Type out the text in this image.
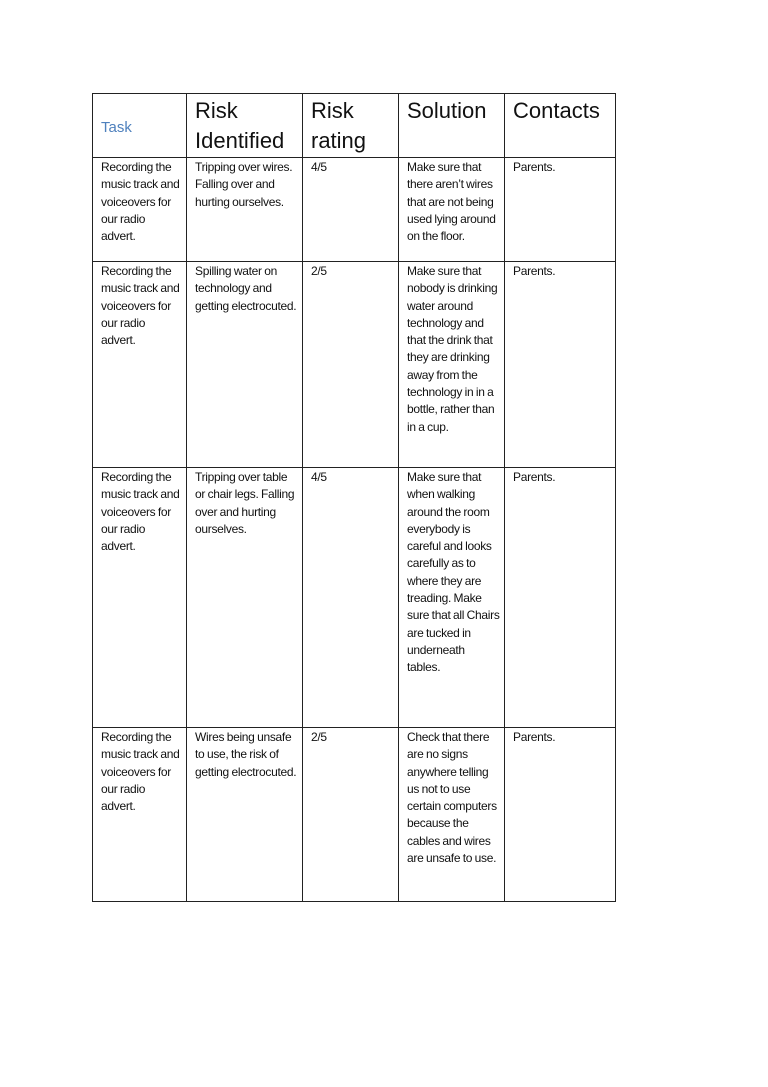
Task	Risk Identified	Risk rating	Solution	Contacts
Recording the music track and voiceovers for our radio advert.	Tripping over wires. Falling over and hurting ourselves.	4/5	Make sure that there aren’t wires that are not being used lying around on the floor.	Parents.
Recording the music track and voiceovers for our radio advert.	Spilling water on technology and getting electrocuted.	2/5	Make sure that nobody is drinking water around technology and that the drink that they are drinking away from the technology in in a bottle, rather than in a cup.	Parents.
Recording the music track and voiceovers for our radio advert.	Tripping over table or chair legs. Falling over and hurting ourselves.	4/5	Make sure that when walking around the room everybody is careful and looks carefully as to where they are treading. Make sure that all Chairs are tucked in underneath tables.	Parents.
Recording the music track and voiceovers for our radio advert.	Wires being unsafe to use, the risk of getting electrocuted.	2/5	Check that there are no signs anywhere telling us not to use certain computers because the cables and wires are unsafe to use.	Parents.
